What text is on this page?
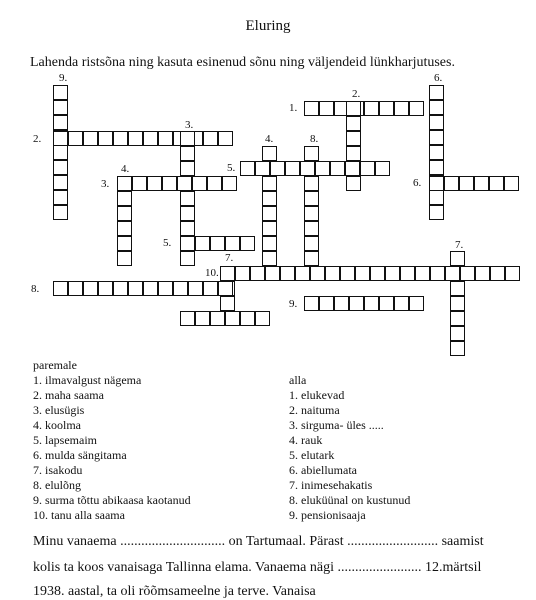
Eluring
Lahenda ristsõna ning kasuta esinenud sõnu ning väljendeid lünkharjutuses.
9.	6.
1.
2.
2.
3.
4.	8.
4.
3.
5.
6.
5.	7.
7.
10.
8.
9.
paremale
alla
1. ilmavalgust nägema
2. maha saama
3. elusügis
4. koolma
5. lapsemaim
6. mulda sängitama
7. isakodu
8. elulõng
9. surma tõttu abikaasa kaotanud
10. tanu alla saama
1. elukevad
2. naituma
3. sirguma- üles .....
4. rauk
5. elutark
6. abiellumata
7. inimesehakatis
8. eluküünal on kustunud
9. pensionisaaja
Minu vanaema .............................. on Tartumaal. Pärast .......................... saamist
kolis ta koos vanaisaga Tallinna elama. Vanaema nägi ........................ 12.märtsil
1938. aastal, ta oli rõõmsameelne ja terve. Vanaisa
